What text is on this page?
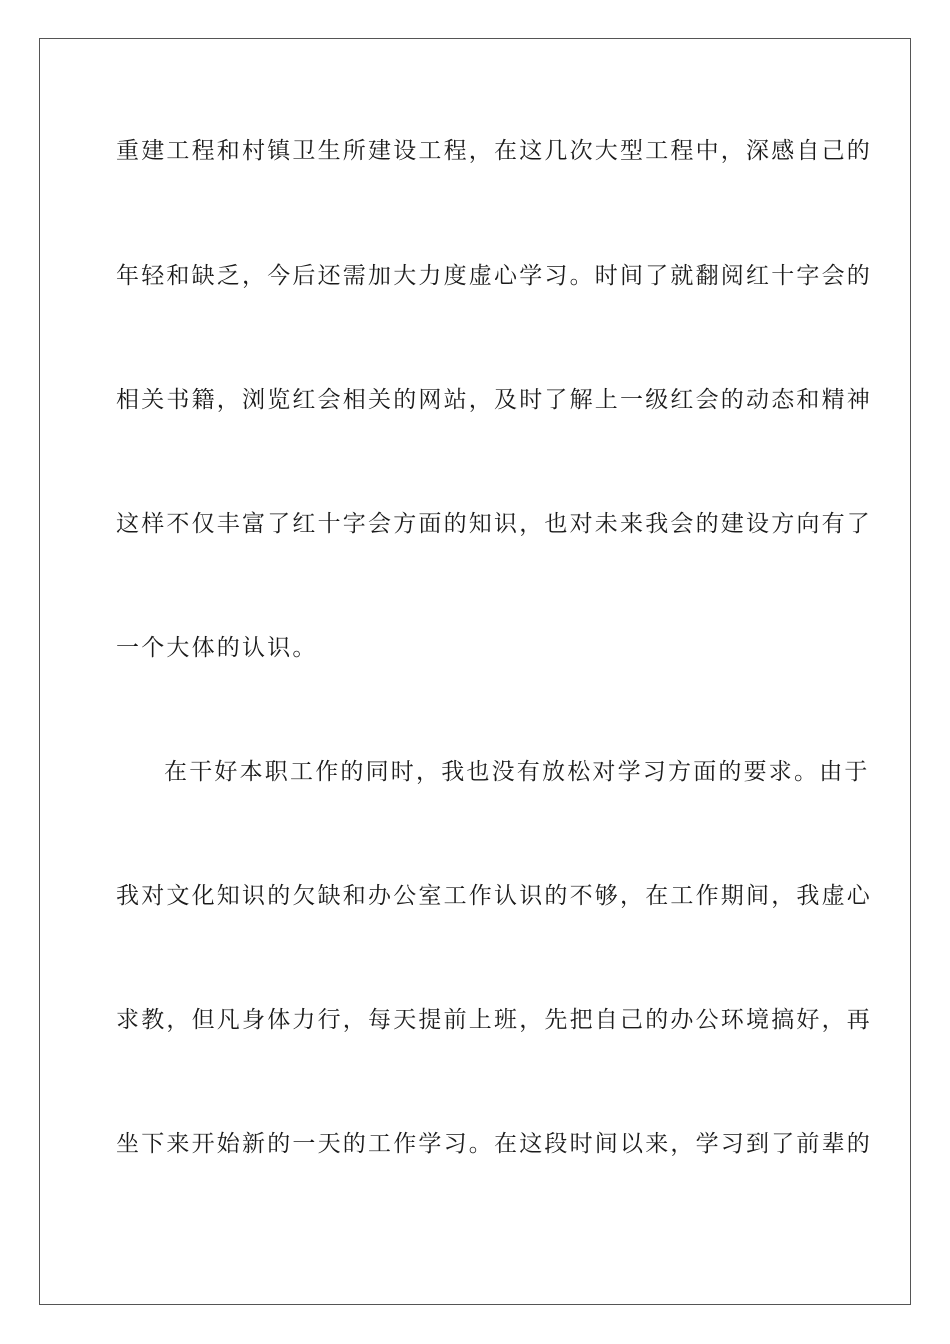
重建工程和村镇卫生所建设工程，在这几次大型工程中，深感自己的
年轻和缺乏，今后还需加大力度虚心学习。时间了就翻阅红十字会的
相关书籍，浏览红会相关的网站，及时了解上一级红会的动态和精神
这样不仅丰富了红十字会方面的知识，也对未来我会的建设方向有了
一个大体的认识。
在干好本职工作的同时，我也没有放松对学习方面的要求。由于
我对文化知识的欠缺和办公室工作认识的不够，在工作期间，我虚心
求教，但凡身体力行，每天提前上班，先把自己的办公环境搞好，再
坐下来开始新的一天的工作学习。在这段时间以来，学习到了前辈的
